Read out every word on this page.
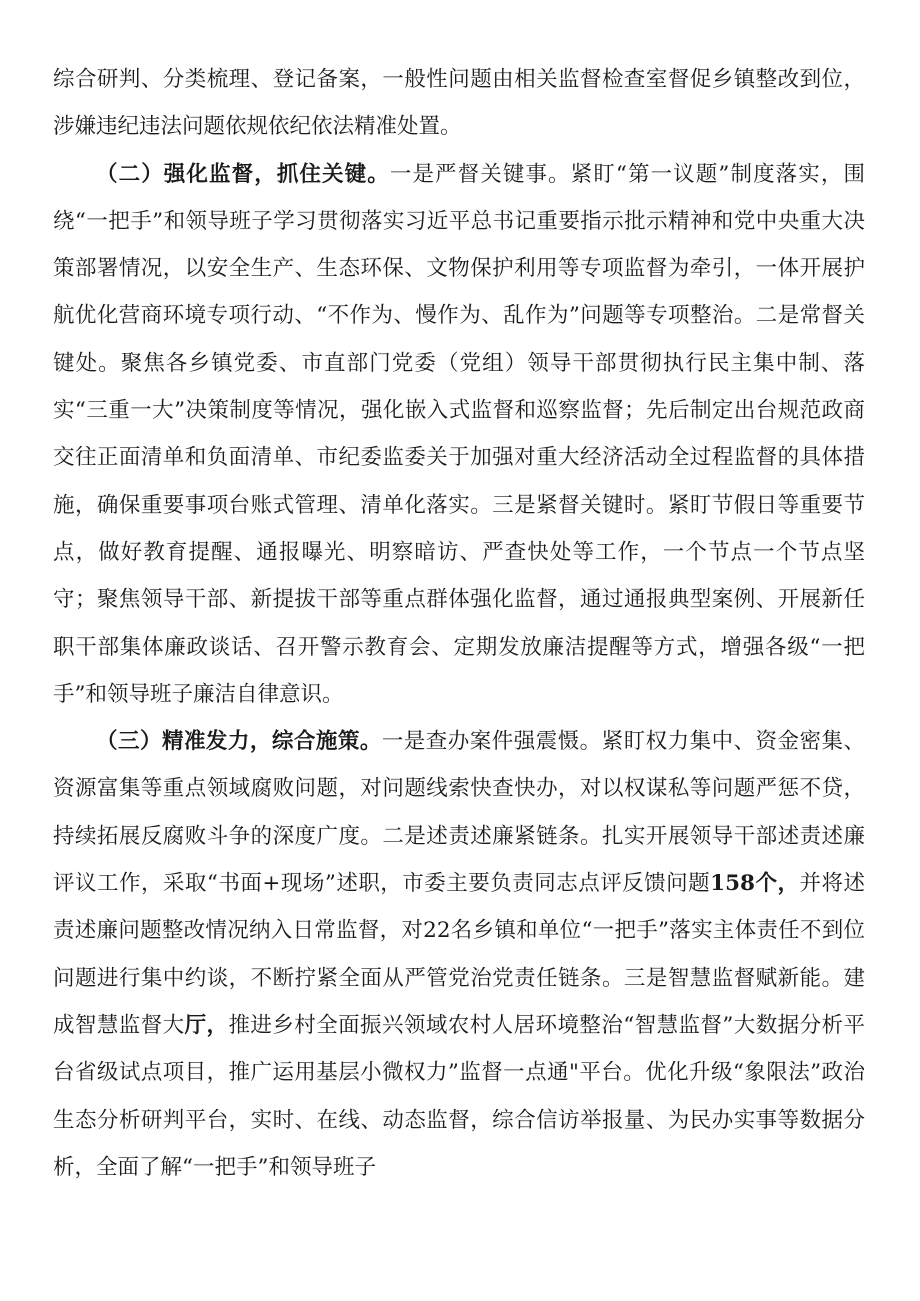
综合研判、分类梳理、登记备案，一般性问题由相关监督检查室督促乡镇整改到位，涉嫌违纪违法问题依规依纪依法精准处置。

（二）强化监督，抓住关键。一是严督关键事。紧盯“第一议题”制度落实，围绕“一把手”和领导班子学习贯彻落实习近平总书记重要指示批示精神和党中央重大决策部署情况，以安全生产、生态环保、文物保护利用等专项监督为牵引，一体开展护航优化营商环境专项行动、“不作为、慢作为、乱作为”问题等专项整治。二是常督关键处。聚焦各乡镇党委、市直部门党委（党组）领导干部贯彻执行民主集中制、落实“三重一大”决策制度等情况，强化嵌入式监督和巡察监督；先后制定出台规范政商交往正面清单和负面清单、市纪委监委关于加强对重大经济活动全过程监督的具体措施，确保重要事项台账式管理、清单化落实。三是紧督关键时。紧盯节假日等重要节点，做好教育提醒、通报曝光、明察暗访、严查快处等工作，一个节点一个节点坚守；聚焦领导干部、新提拔干部等重点群体强化监督，通过通报典型案例、开展新任职干部集体廉政谈话、召开警示教育会、定期发放廉洁提醒等方式，增强各级“一把手”和领导班子廉洁自律意识。

（三）精准发力，综合施策。一是查办案件强震慑。紧盯权力集中、资金密集、资源富集等重点领域腐败问题，对问题线索快查快办，对以权谋私等问题严惩不贷，持续拓展反腐败斗争的深度广度。二是述责述廉紧链条。扎实开展领导干部述责述廉评议工作，采取“书面+现场”述职，市委主要负责同志点评反馈问题158个，并将述责述廉问题整改情况纳入日常监督，对22名乡镇和单位“一把手”落实主体责任不到位问题进行集中约谈，不断拧紧全面从严管党治党责任链条。三是智慧监督赋新能。建成智慧监督大厅，推进乡村全面振兴领域农村人居环境整治“智慧监督”大数据分析平台省级试点项目，推广运用基层小微权力”监督一点通"平台。优化升级“象限法”政治生态分析研判平台，实时、在线、动态监督，综合信访举报量、为民办实事等数据分析，全面了解“一把手”和领导班子
